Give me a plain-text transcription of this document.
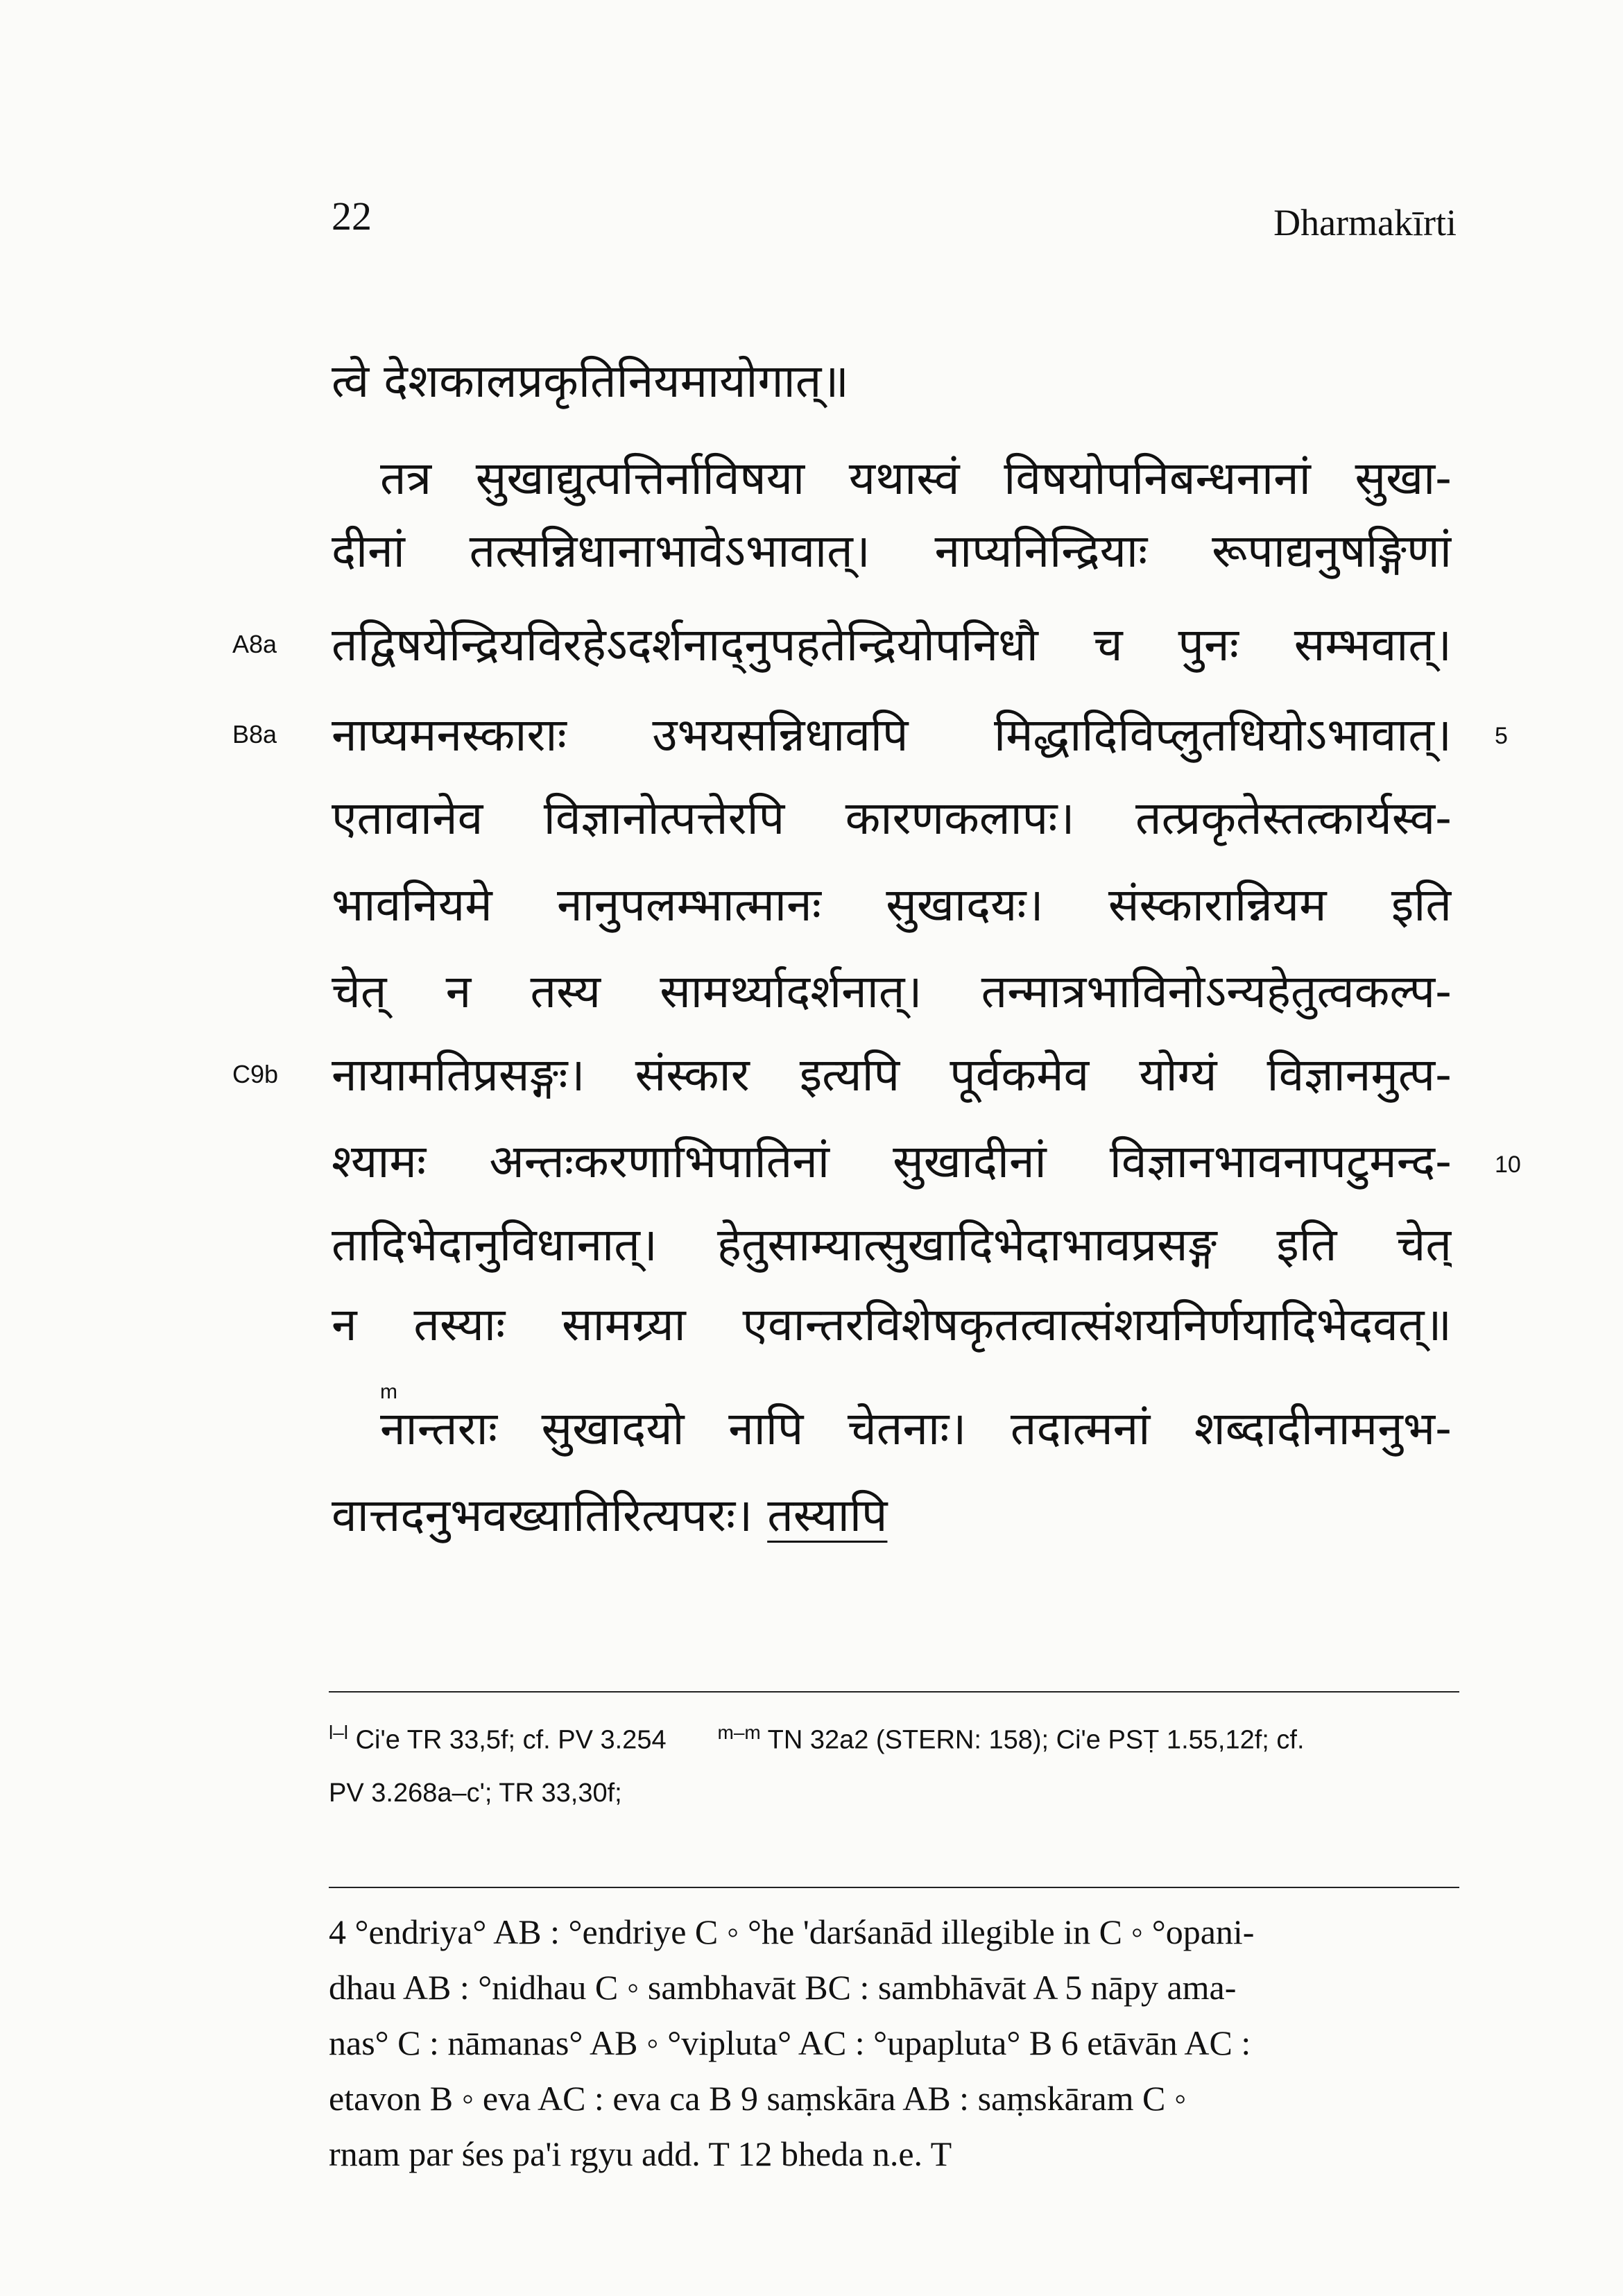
22	Dharmakīrti
त्वे देशकालप्रकृतिनियमायोगात्॥
तत्र सुखाद्युत्पत्तिर्नाविषया यथास्वं विषयोपनिबन्धनानां सुखा-
दीनां तत्सन्निधानाभावेऽभावात्। नाप्यनिन्द्रियाः रूपाद्यनुषङ्गिणां
A8a तद्विषयेन्द्रियविरहेऽदर्शनाद्नुपहतेन्द्रियोपनिधौ च पुनः सम्भवात्।
B8a नाप्यमनस्काराः उभयसन्निधावपि मिद्धादिविप्लुतधियोऽभावात्। 5
एतावानेव विज्ञानोत्पत्तेरपि कारणकलापः। तत्प्रकृतेस्तत्कार्यस्व-
भावनियमे नानुपलम्भात्मानः सुखादयः। संस्कारान्नियम इति
चेत् न तस्य सामर्थ्यादर्शनात्। तन्मात्रभाविनोऽन्यहेतुत्वकल्प-
C9b नायामतिप्रसङ्गः। संस्कार इत्यपि पूर्वकमेव योग्यं विज्ञानमुत्प-
श्यामः अन्तःकरणाभिपातिनां सुखादीनां विज्ञानभावनापटुमन्द- 10
तादिभेदानुविधानात्। हेतुसाम्यात्सुखादिभेदाभावप्रसङ्ग इति चेत्
न तस्याः सामग्र्या एवान्तरविशेषकृतत्वात्संशयनिर्णयादिभेदवत्॥
m
नान्तराः सुखादयो नापि चेतनाः। तदात्मनां शब्दादीनामनुभ-
वात्तदनुभवख्यातिरित्यपरः। तस्यापि
$^{l-l}$ Ci'e TR 33,5f; cf. PV 3.254	$^{m-m}$ TN 32a2 (STERN: 158); Ci'e PSṬ 1.55,12f; cf.
PV 3.268a–c'; TR 33,30f;
4 °endriya° AB : °endriye C ◦ °he 'darśanād illegible in C ◦ °opani-
dhau AB : °nidhau C ◦ sambhavāt BC : sambhāvāt A 5 nāpy ama-
nas° C : nāmanas° AB ◦ °vipluta° AC : °upapluta° B 6 etāvān AC :
etavon B ◦ eva AC : eva ca B 9 saṃskāra AB : saṃskāram C ◦
rnam par śes pa'i rgyu add. T 12 bheda n.e. T
